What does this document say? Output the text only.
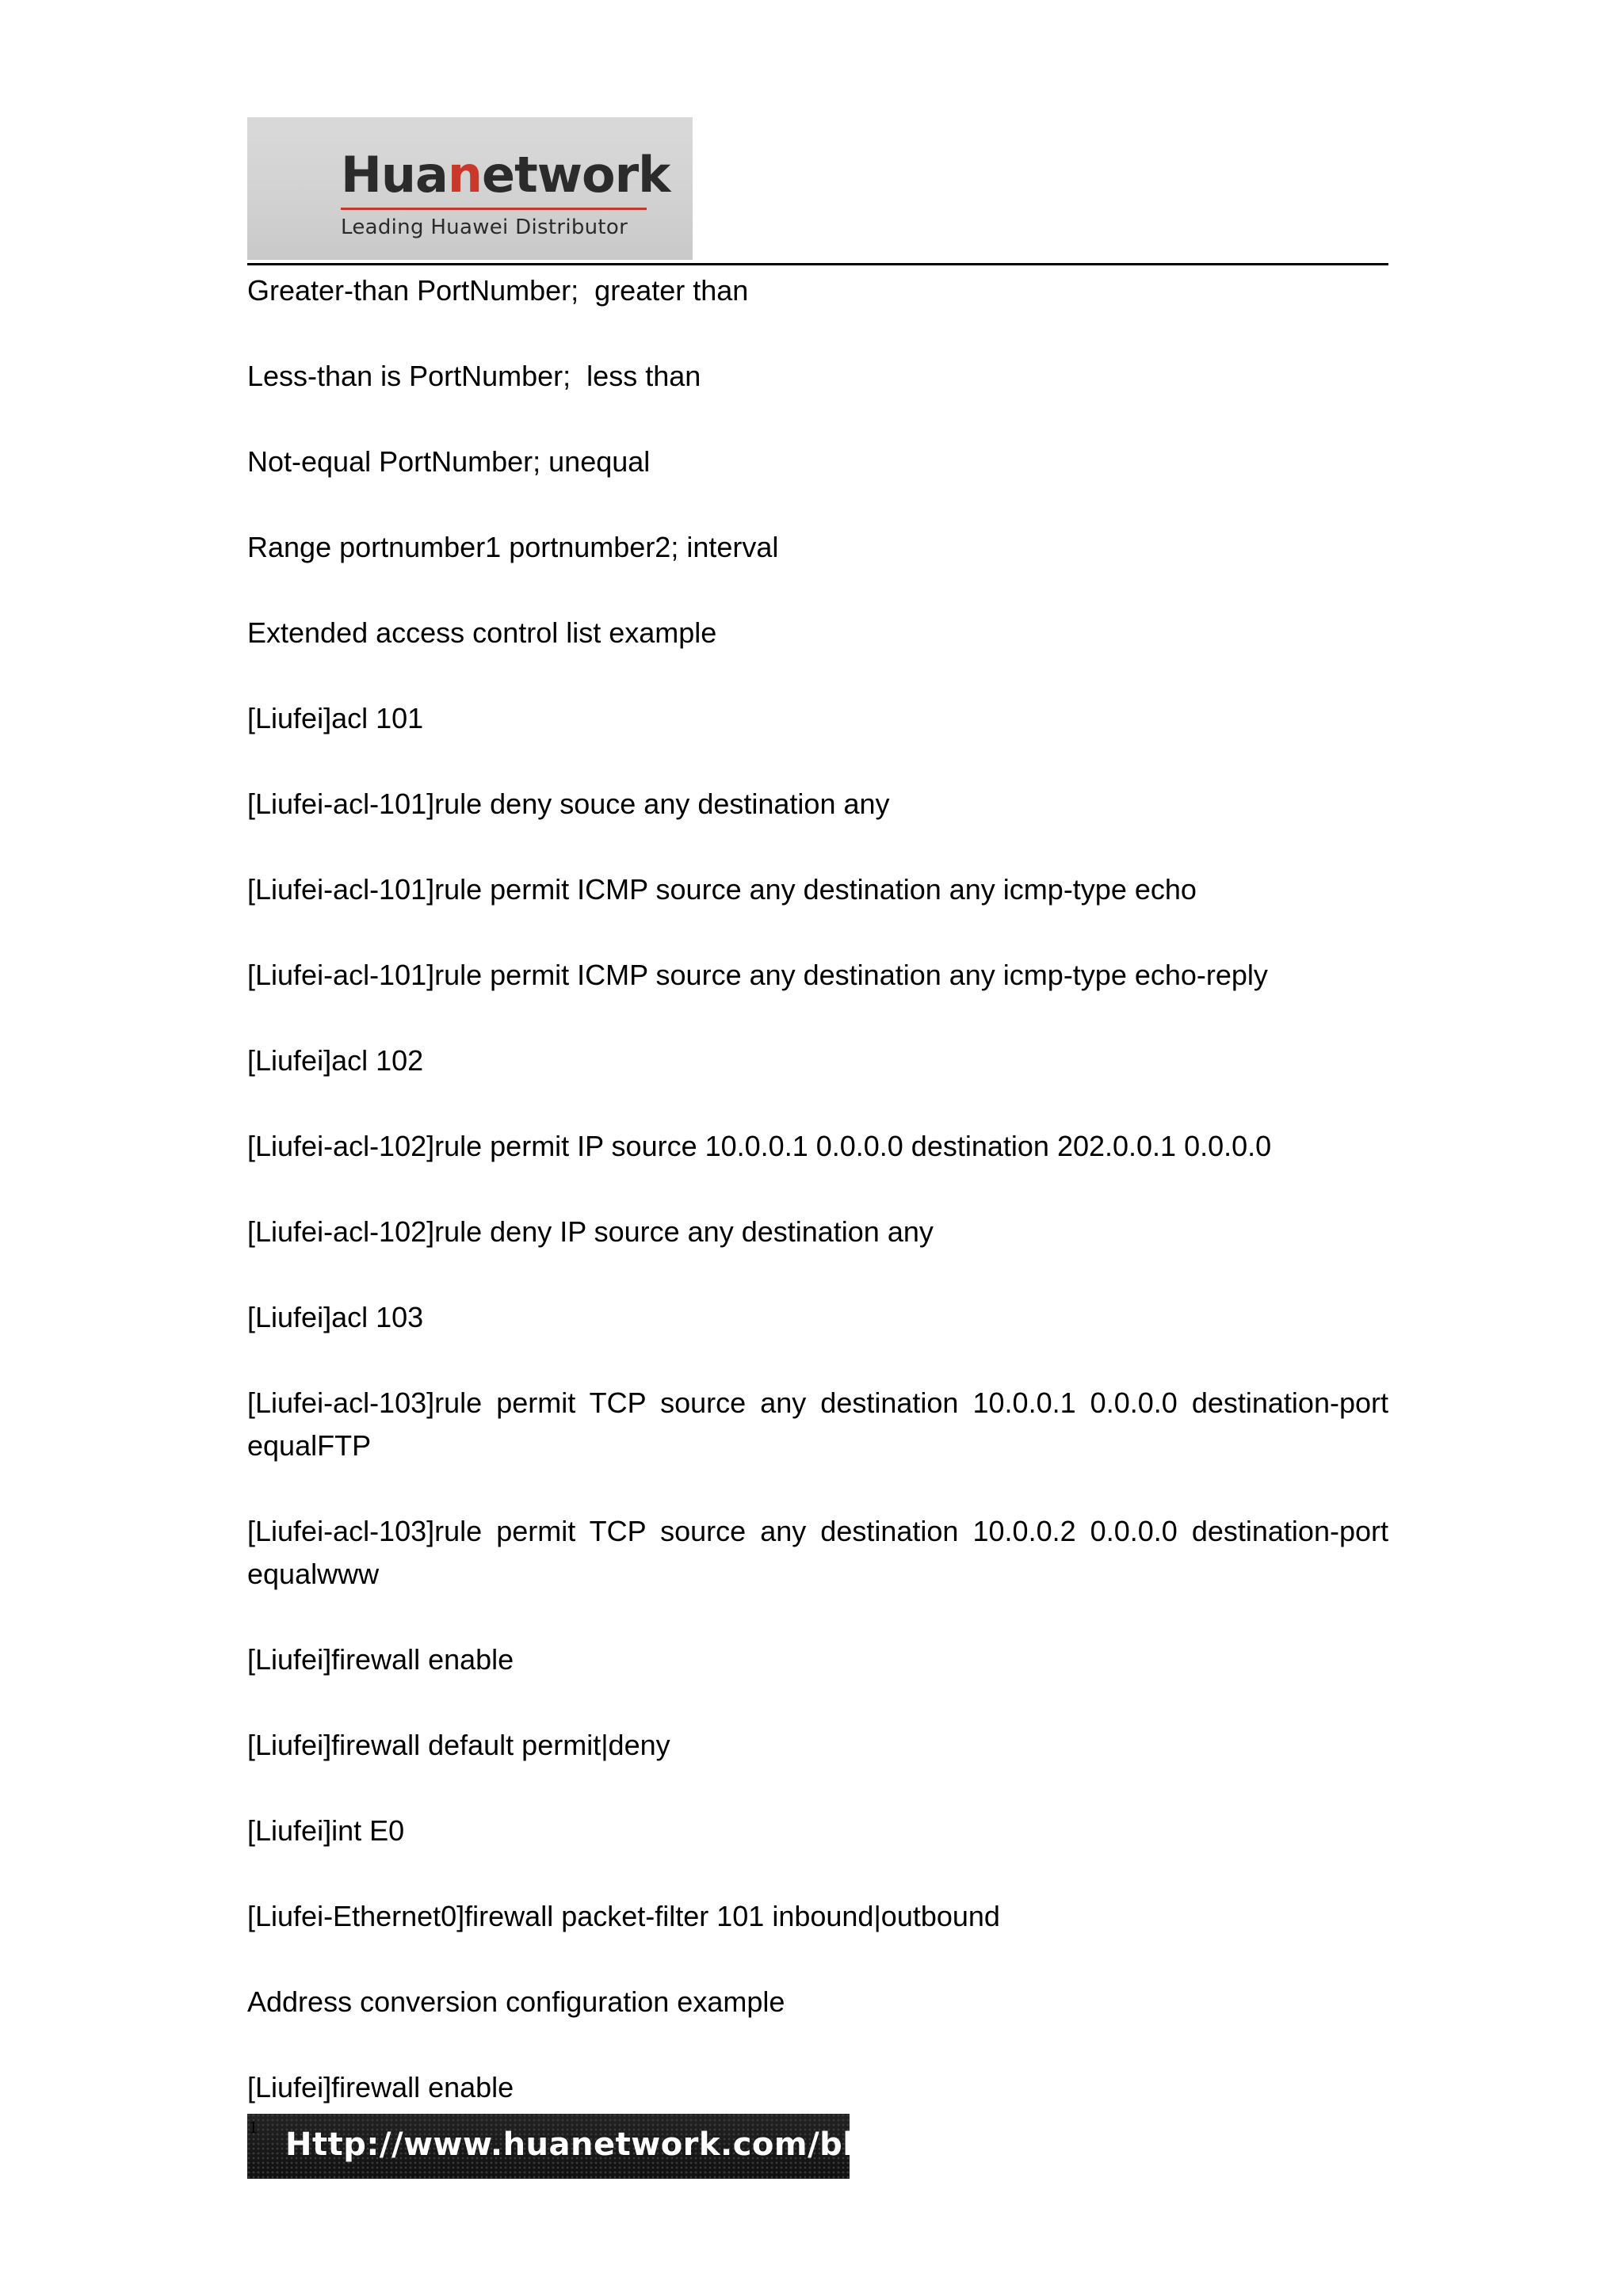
Huanetwork
Leading Huawei Distributor

Greater-than PortNumber;  greater than

Less-than is PortNumber;  less than

Not-equal PortNumber; unequal

Range portnumber1 portnumber2; interval

Extended access control list example

[Liufei]acl 101

[Liufei-acl-101]rule deny souce any destination any

[Liufei-acl-101]rule permit ICMP source any destination any icmp-type echo

[Liufei-acl-101]rule permit ICMP source any destination any icmp-type echo-reply

[Liufei]acl 102

[Liufei-acl-102]rule permit IP source 10.0.0.1 0.0.0.0 destination 202.0.0.1 0.0.0.0

[Liufei-acl-102]rule deny IP source any destination any

[Liufei]acl 103

[Liufei-acl-103]rule permit TCP source any destination 10.0.0.1 0.0.0.0 destination-port equalFTP

[Liufei-acl-103]rule permit TCP source any destination 10.0.0.2 0.0.0.0 destination-port equalwww

[Liufei]firewall enable

[Liufei]firewall default permit|deny

[Liufei]int E0

[Liufei-Ethernet0]firewall packet-filter 101 inbound|outbound

Address conversion configuration example

[Liufei]firewall enable

1 Http://www.huanetwork.com/blog
